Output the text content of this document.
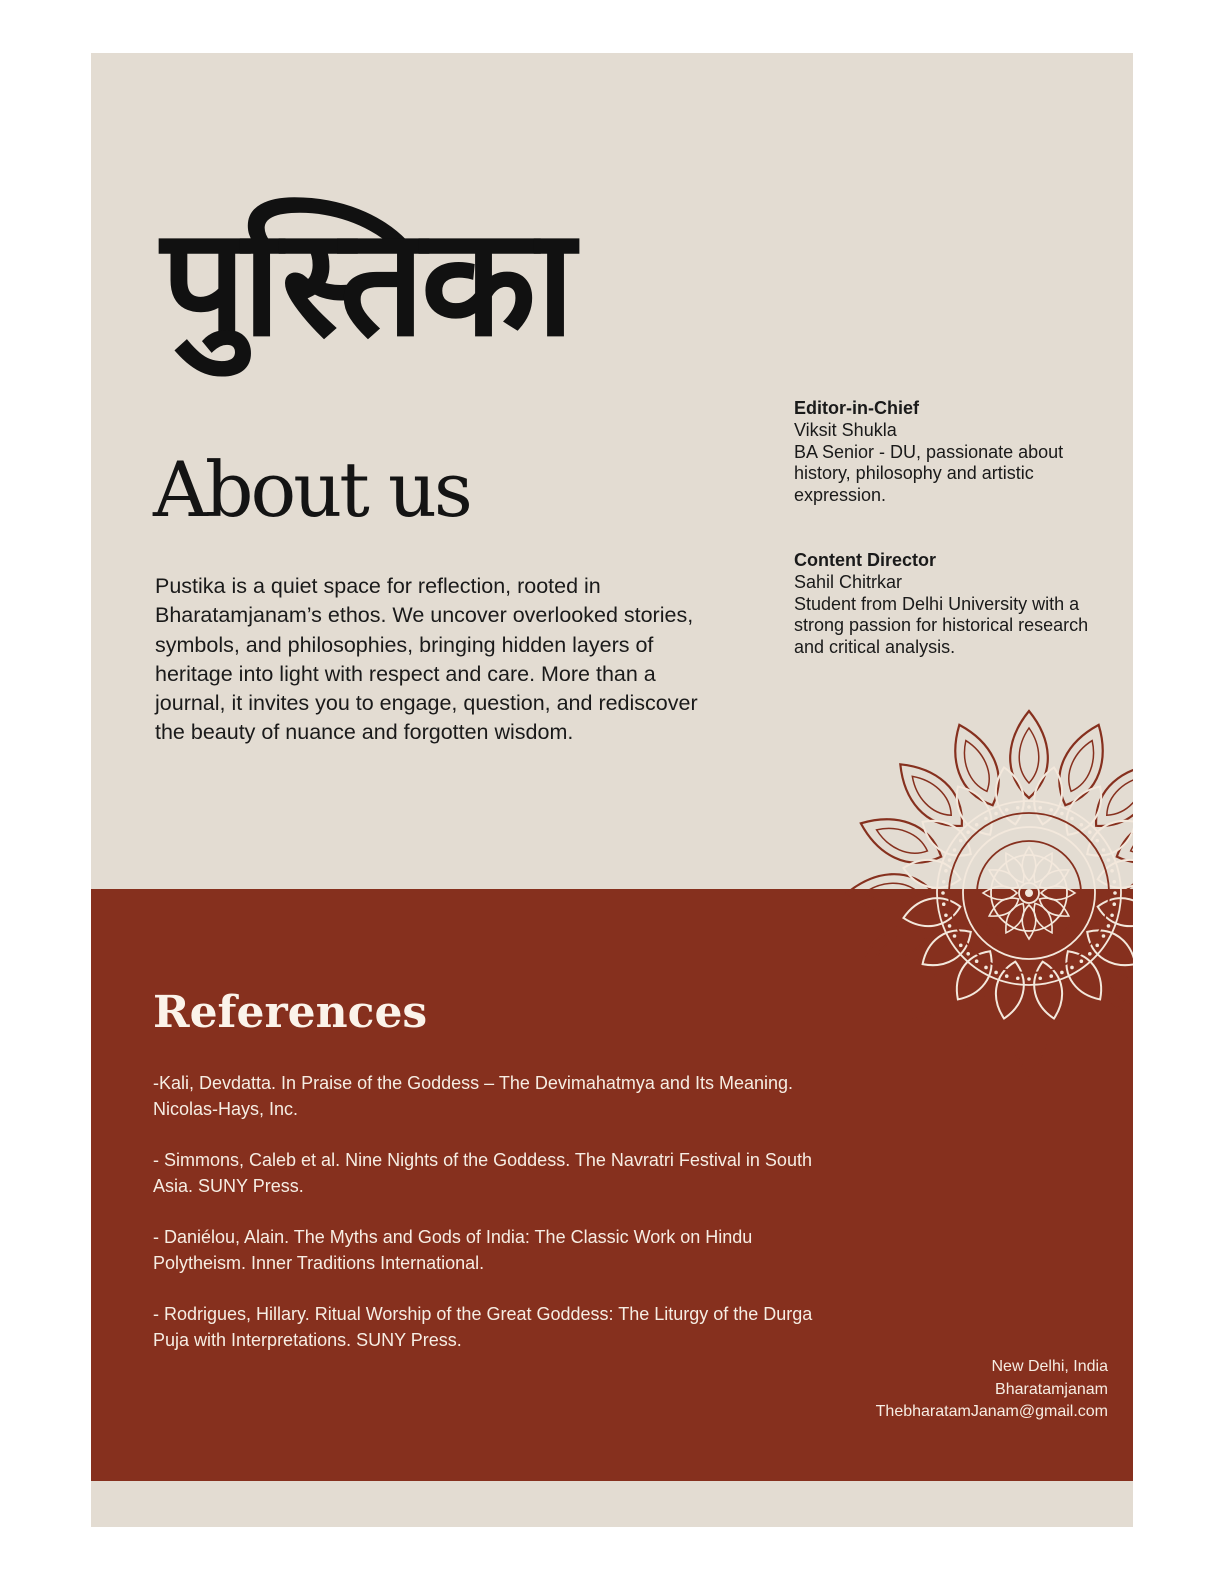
पुस्तिका
About us

Pustika is a quiet space for reflection, rooted in Bharatamjanam’s ethos. We uncover overlooked stories, symbols, and philosophies, bringing hidden layers of heritage into light with respect and care. More than a journal, it invites you to engage, question, and rediscover the beauty of nuance and forgotten wisdom.

Editor-in-Chief
Viksit Shukla
BA Senior - DU, passionate about history, philosophy and artistic expression.
Content Director
Sahil Chitrkar
Student from Delhi University with a strong passion for historical research and critical analysis.
References

-Kali, Devdatta. In Praise of the Goddess – The Devimahatmya and Its Meaning. Nicolas-Hays, Inc.

- Simmons, Caleb et al. Nine Nights of the Goddess. The Navratri Festival in South Asia. SUNY Press.

- Daniélou, Alain. The Myths and Gods of India: The Classic Work on Hindu Polytheism. Inner Traditions International.

- Rodrigues, Hillary. Ritual Worship of the Great Goddess: The Liturgy of the Durga Puja with Interpretations. SUNY Press.

New Delhi, India
Bharatamjanam
ThebharatamJanam@gmail.com
